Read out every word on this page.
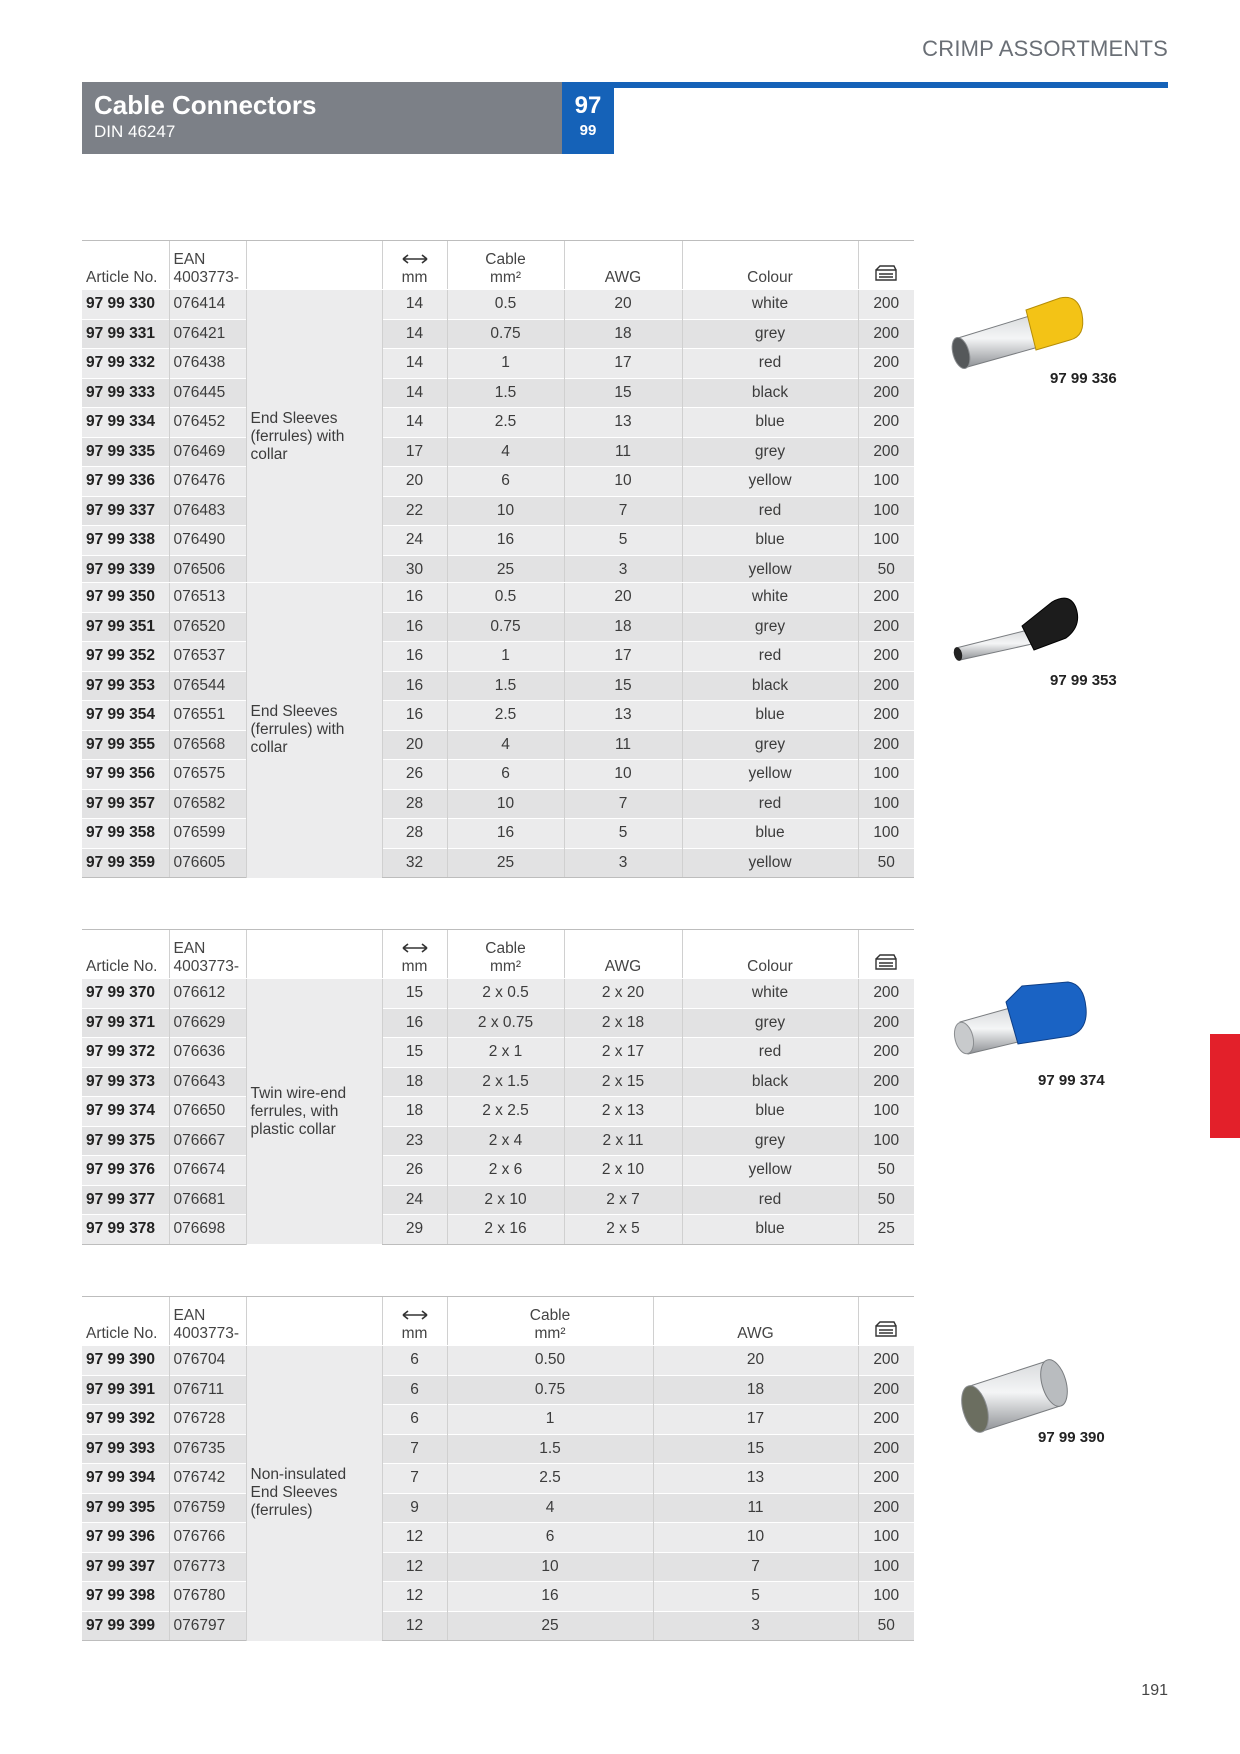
CRIMP ASSORTMENTS
Cable Connectors
DIN 46247
97
99
Article No.	EAN
4003773-		mm	Cable
mm²	AWG	Colour	
97 99 330	076414	End Sleeves (ferrules) with collar	14	0.5	20	white	200
97 99 331	076421		14	0.75	18	grey	200
97 99 332	076438		14	1	17	red	200
97 99 333	076445		14	1.5	15	black	200
97 99 334	076452		14	2.5	13	blue	200
97 99 335	076469		17	4	11	grey	200
97 99 336	076476		20	6	10	yellow	100
97 99 337	076483		22	10	7	red	100
97 99 338	076490		24	16	5	blue	100
97 99 339	076506		30	25	3	yellow	50
97 99 350	076513	End Sleeves (ferrules) with collar	16	0.5	20	white	200
97 99 351	076520		16	0.75	18	grey	200
97 99 352	076537		16	1	17	red	200
97 99 353	076544		16	1.5	15	black	200
97 99 354	076551		16	2.5	13	blue	200
97 99 355	076568		20	4	11	grey	200
97 99 356	076575		26	6	10	yellow	100
97 99 357	076582		28	10	7	red	100
97 99 358	076599		28	16	5	blue	100
97 99 359	076605		32	25	3	yellow	50
Article No.	EAN
4003773-		mm	Cable
mm²	AWG	Colour	
97 99 370	076612	Twin wire-end ferrules, with plastic collar	15	2 x 0.5	2 x 20	white	200
97 99 371	076629		16	2 x 0.75	2 x 18	grey	200
97 99 372	076636		15	2 x 1	2 x 17	red	200
97 99 373	076643		18	2 x 1.5	2 x 15	black	200
97 99 374	076650		18	2 x 2.5	2 x 13	blue	100
97 99 375	076667		23	2 x 4	2 x 11	grey	100
97 99 376	076674		26	2 x 6	2 x 10	yellow	50
97 99 377	076681		24	2 x 10	2 x 7	red	50
97 99 378	076698		29	2 x 16	2 x 5	blue	25
Article No.	EAN
4003773-		mm	Cable
mm²	AWG	
97 99 390	076704	Non-insulated End Sleeves (ferrules)	6	0.50	20	200
97 99 391	076711		6	0.75	18	200
97 99 392	076728		6	1	17	200
97 99 393	076735		7	1.5	15	200
97 99 394	076742		7	2.5	13	200
97 99 395	076759		9	4	11	200
97 99 396	076766		12	6	10	100
97 99 397	076773		12	10	7	100
97 99 398	076780		12	16	5	100
97 99 399	076797		12	25	3	50
97 99 336
97 99 353
97 99 374
97 99 390
191
